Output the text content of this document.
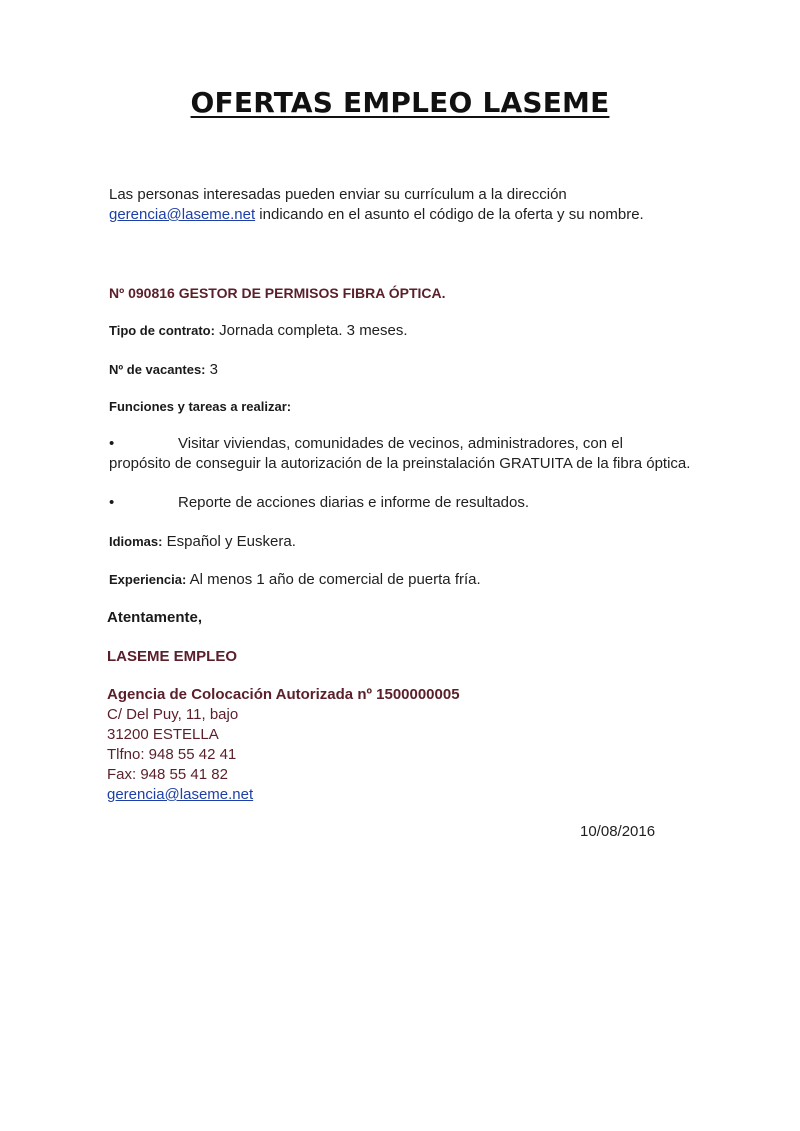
OFERTAS EMPLEO LASEME
Las personas interesadas pueden enviar su currículum a la dirección
gerencia@laseme.net indicando en el asunto el código de la oferta y su nombre.
Nº 090816 GESTOR DE PERMISOS FIBRA ÓPTICA.
Tipo de contrato: Jornada completa. 3 meses.
Nº de vacantes: 3
Funciones y tareas a realizar:
•	Visitar viviendas, comunidades de vecinos, administradores, con el
propósito de conseguir la autorización de la preinstalación GRATUITA de la fibra óptica.
•	Reporte de acciones diarias e informe de resultados.
Idiomas: Español y Euskera.
Experiencia: Al menos 1 año de comercial de puerta fría.
Atentamente,
LASEME EMPLEO
Agencia de Colocación Autorizada nº 1500000005
C/ Del Puy, 11, bajo
31200 ESTELLA
Tlfno: 948 55 42 41
Fax: 948 55 41 82
gerencia@laseme.net
10/08/2016
